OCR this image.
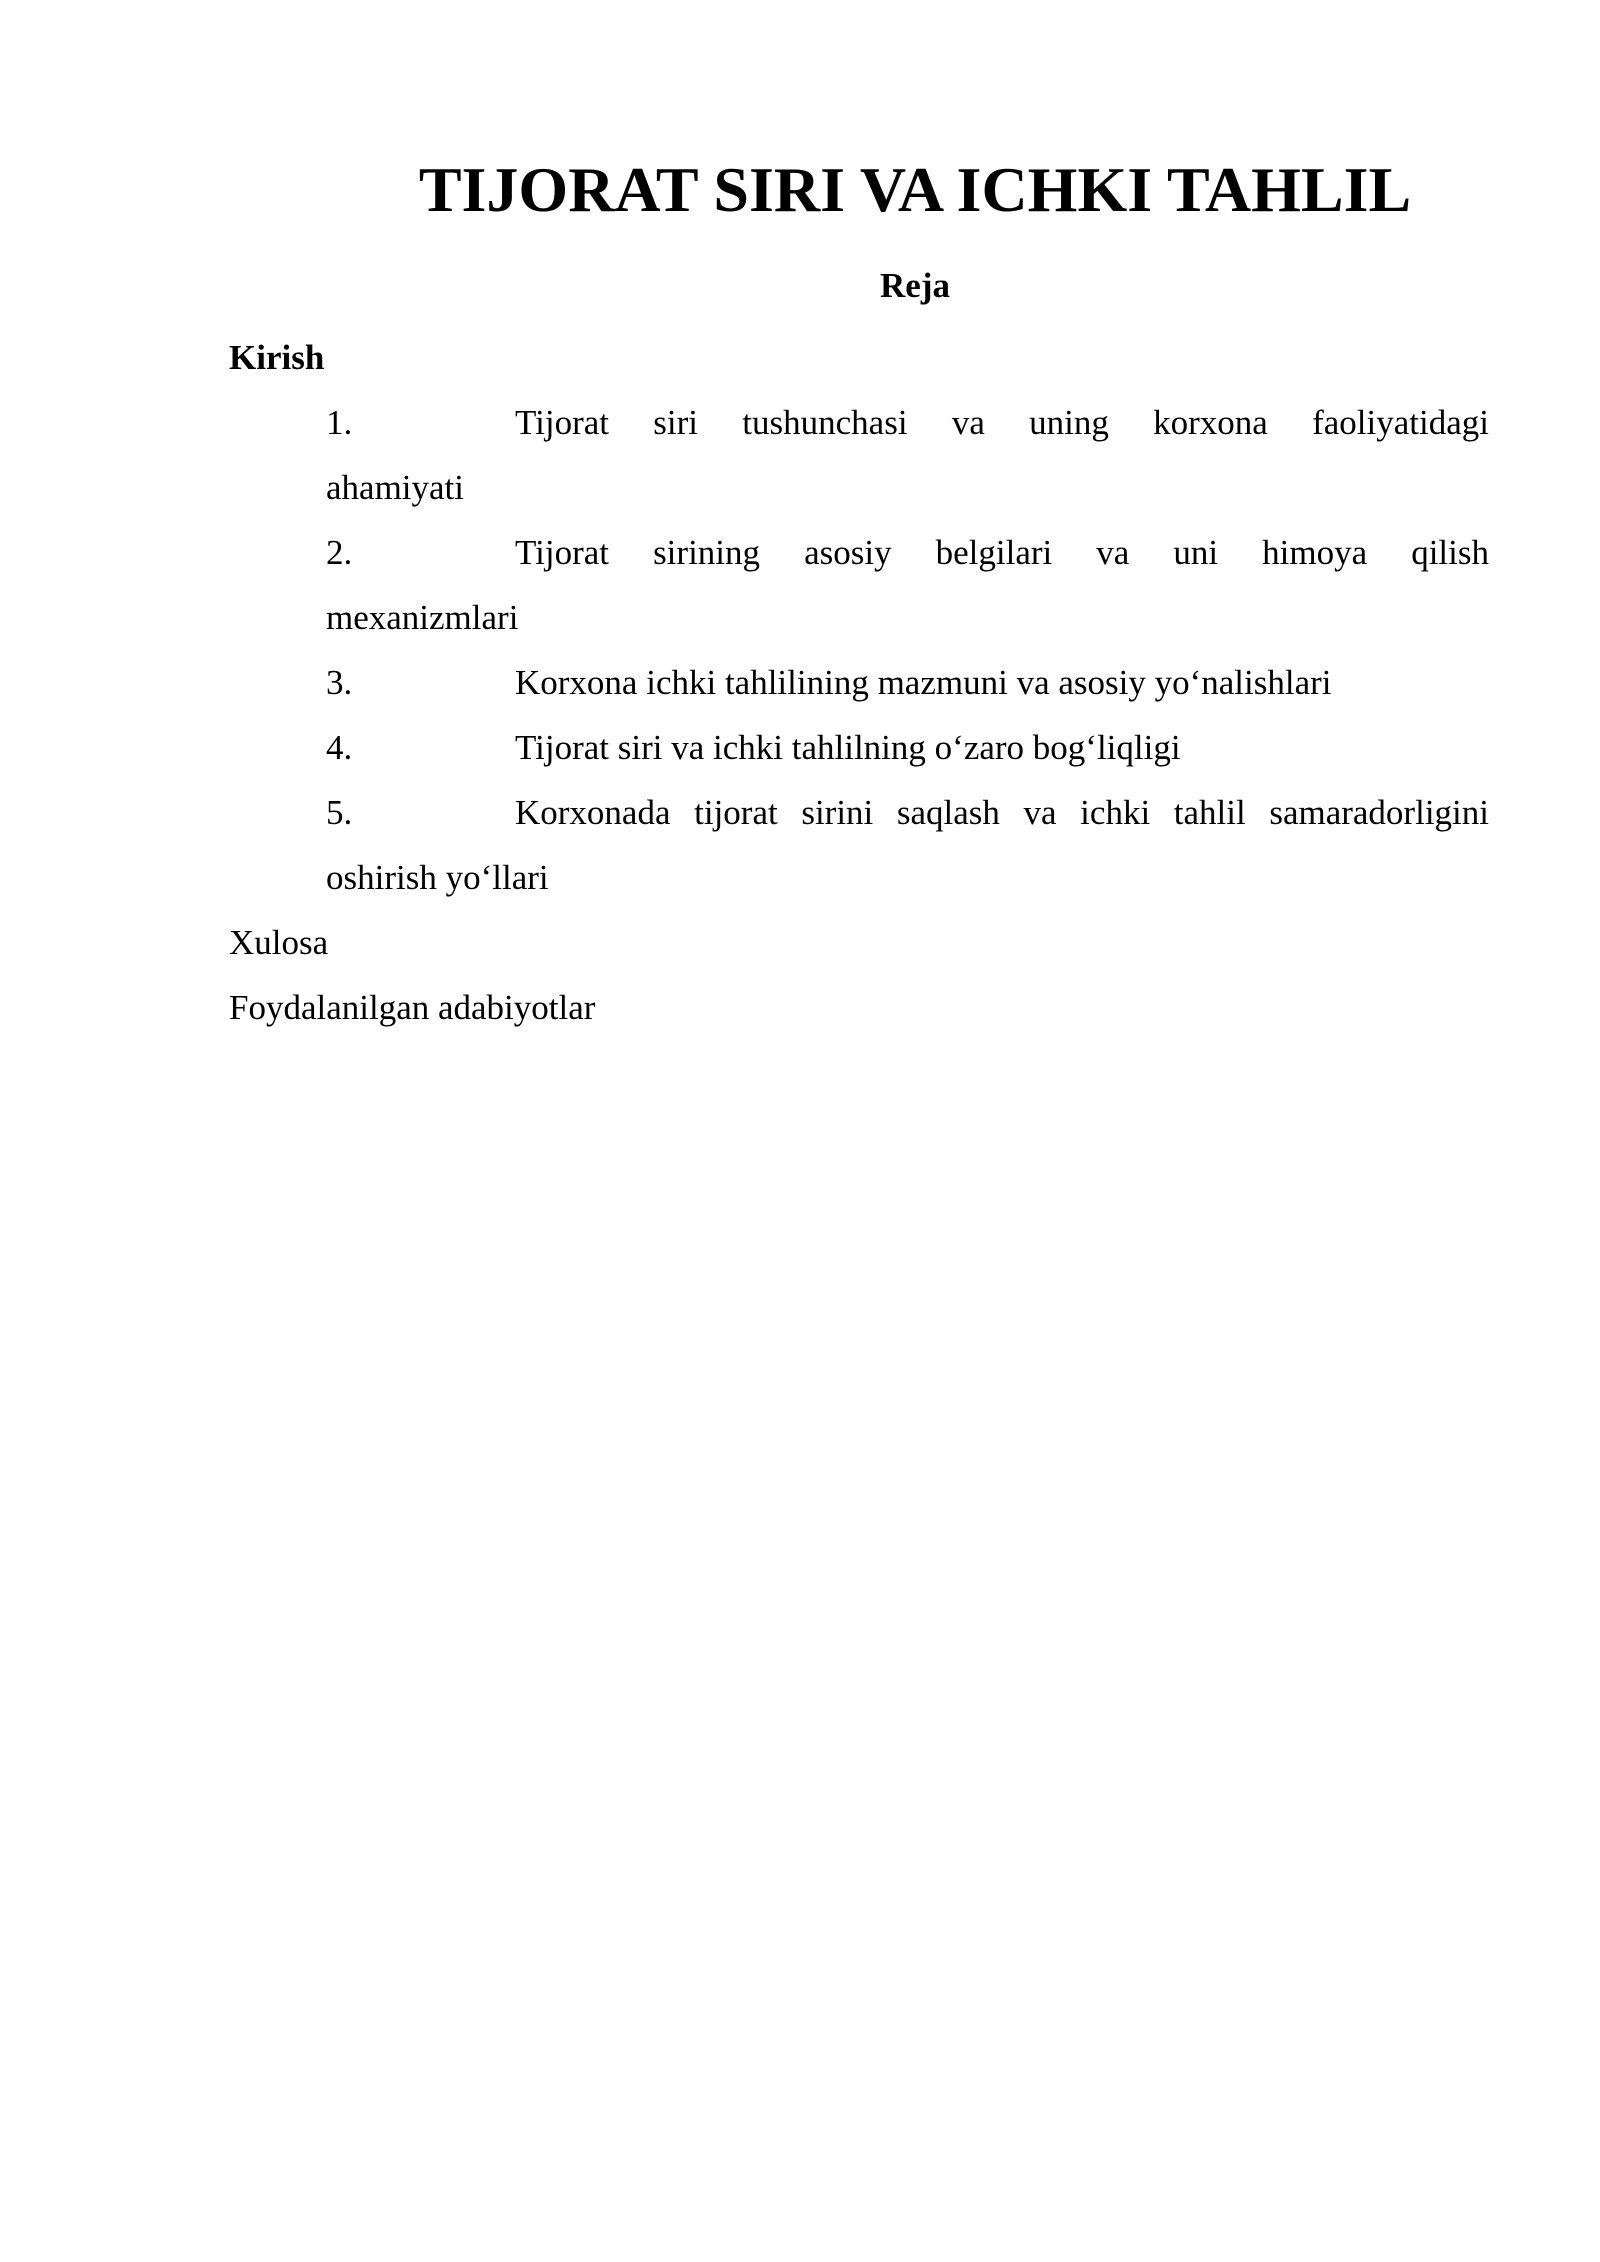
TIJORAT SIRI VA ICHKI TAHLIL
Reja

Kirish

1.	Tijorat siri tushunchasi va uning korxona faoliyatidagi
ahamiyati
2.	Tijorat sirining asosiy belgilari va uni himoya qilish
mexanizmlari
3.	Korxona ichki tahlilining mazmuni va asosiy yo‘nalishlari
4.	Tijorat siri va ichki tahlilning o‘zaro bog‘liqligi
5.	Korxonada tijorat sirini saqlash va ichki tahlil samaradorligini
oshirish yo‘llari

Xulosa

Foydalanilgan adabiyotlar
